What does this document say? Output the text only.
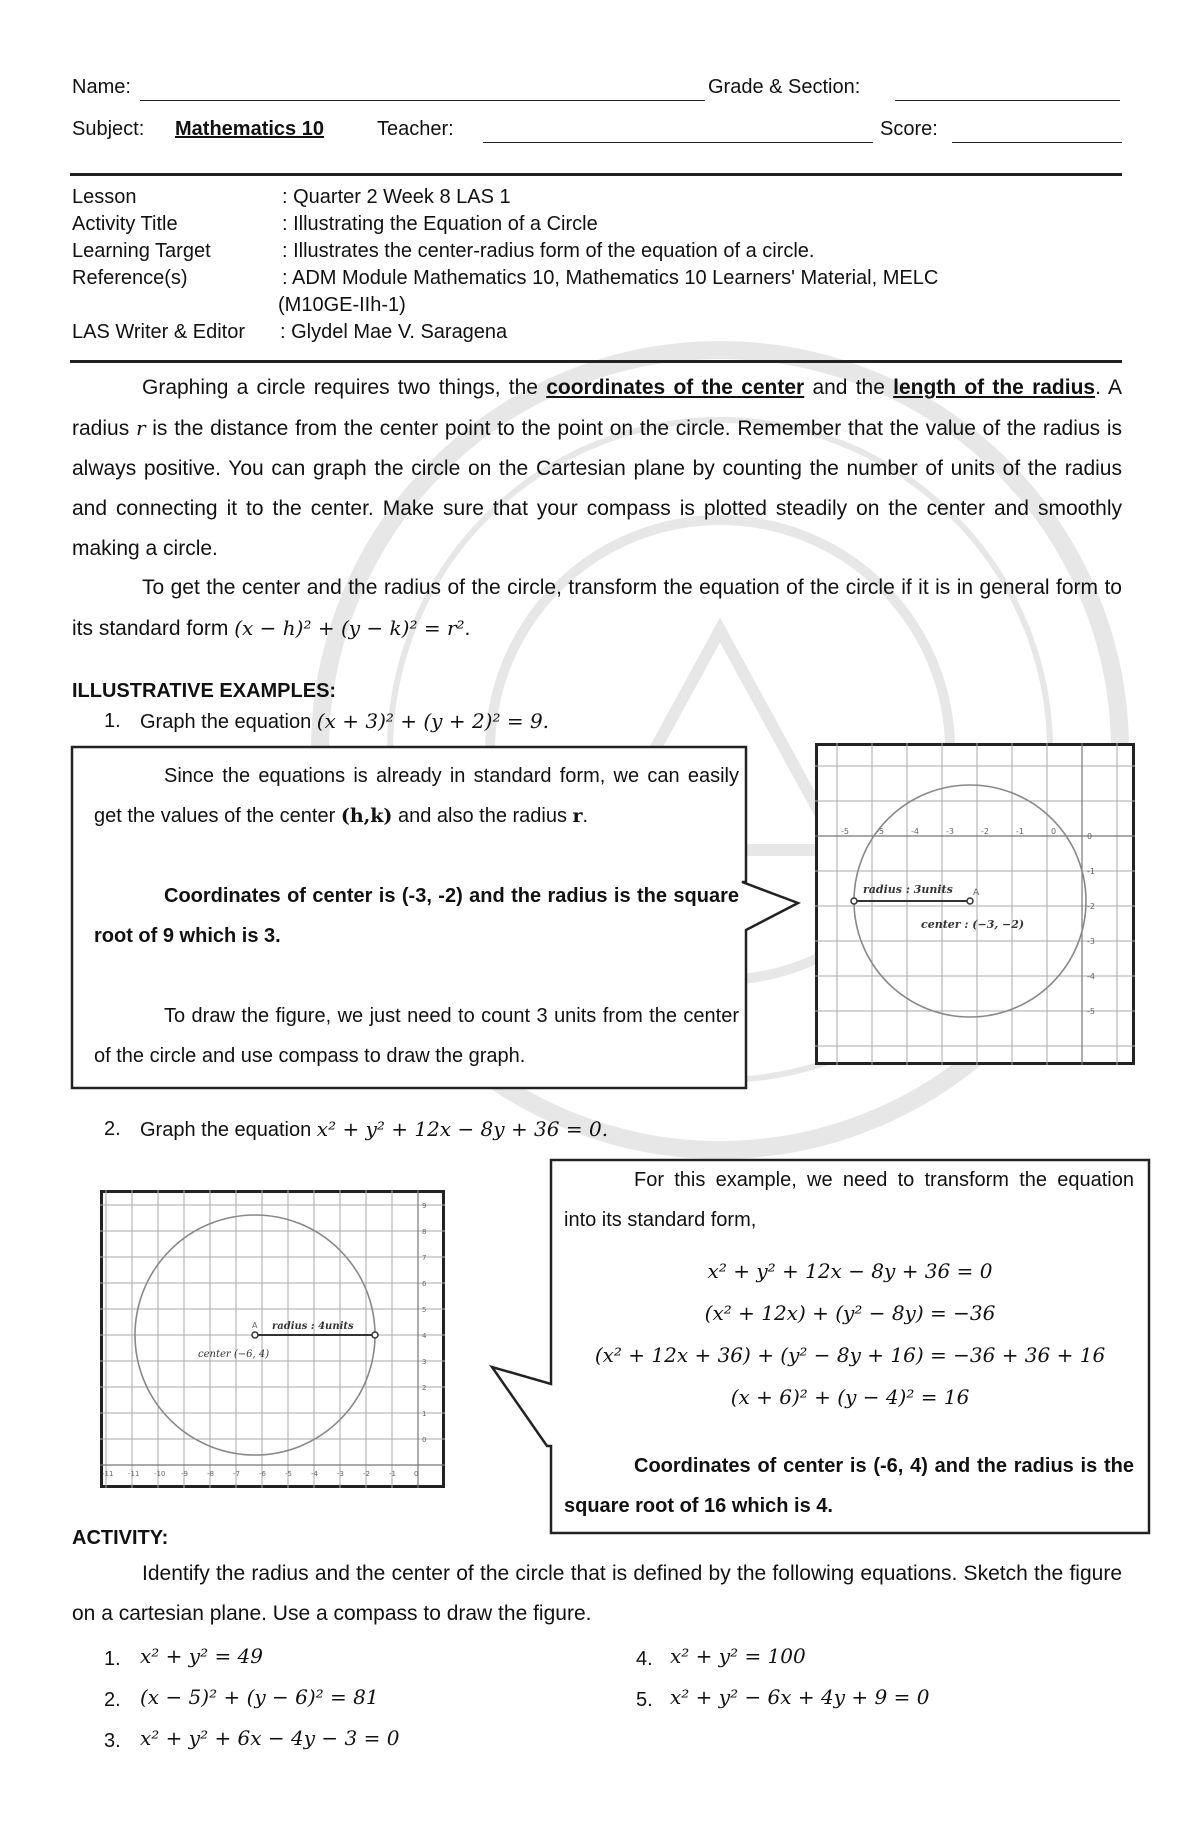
Name:	Grade & Section:
Subject: Mathematics 10	Teacher:	Score:
Lesson	: Quarter 2 Week 8 LAS 1
Activity Title	: Illustrating the Equation of a Circle
Learning Target	: Illustrates the center-radius form of the equation of a circle.
Reference(s)	: ADM Module Mathematics 10, Mathematics 10 Learners' Material, MELC
(M10GE-IIh-1)
LAS Writer & Editor	: Glydel Mae V. Saragena
Graphing a circle requires two things, the coordinates of the center and the length of the radius. A radius r is the distance from the center point to the point on the circle. Remember that the value of the radius is always positive. You can graph the circle on the Cartesian plane by counting the number of units of the radius and connecting it to the center. Make sure that your compass is plotted steadily on the center and smoothly making a circle.
To get the center and the radius of the circle, transform the equation of the circle if it is in general form to its standard form (x − h)² + (y − k)² = r².
ILLUSTRATIVE EXAMPLES:
1. Graph the equation (x + 3)² + (y + 2)² = 9.
Since the equations is already in standard form, we can easily get the values of the center (h,k) and also the radius r.
Coordinates of center is (-3, -2) and the radius is the square root of 9 which is 3.
To draw the figure, we just need to count 3 units from the center of the circle and use compass to draw the graph.
-5	-5	-4	-3	-2	-1	0
0
-1
-2
-3
-4
-5
radius : 3units A
center : (−3, −2)
2. Graph the equation x² + y² + 12x − 8y + 36 = 0.
-11 -11 -10 -9	-8	-7	-6	-5	-4	-3	-2	-1	0
9
8
7
6
5
4
3
2
1
0
A radius : 4units
center (−6, 4)
For this example, we need to transform the equation into its standard form,
x² + y² + 12x − 8y + 36 = 0
(x² + 12x) + (y² − 8y) = −36
(x² + 12x + 36) + (y² − 8y + 16) = −36 + 36 + 16
(x + 6)² + (y − 4)² = 16
Coordinates of center is (-6, 4) and the radius is the square root of 16 which is 4.
ACTIVITY:
Identify the radius and the center of the circle that is defined by the following equations. Sketch the figure on a cartesian plane. Use a compass to draw the figure.
1. x² + y² = 49
2. (x − 5)² + (y − 6)² = 81
3. x² + y² + 6x − 4y − 3 = 0
4. x² + y² = 100
5. x² + y² − 6x + 4y + 9 = 0
